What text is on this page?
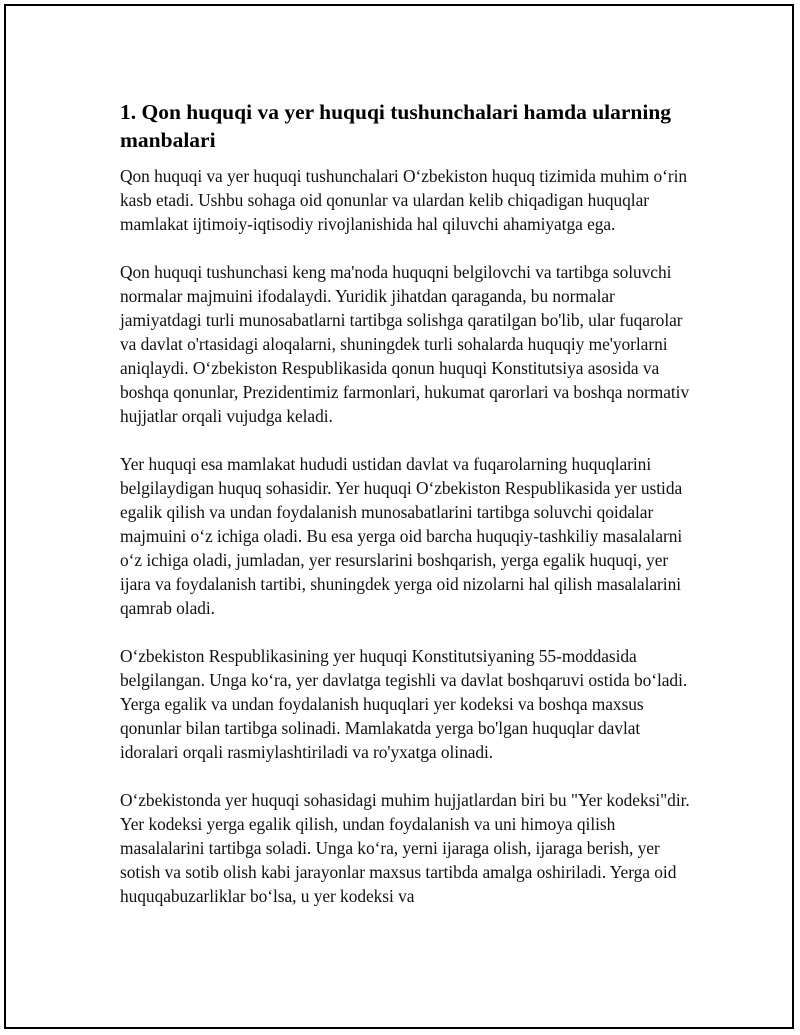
1. Qon huquqi va yer huquqi tushunchalari hamda ularning manbalari

Qon huquqi va yer huquqi tushunchalari O‘zbekiston huquq tizimida muhim o‘rin kasb etadi. Ushbu sohaga oid qonunlar va ulardan kelib chiqadigan huquqlar mamlakat ijtimoiy-iqtisodiy rivojlanishida hal qiluvchi ahamiyatga ega.

Qon huquqi tushunchasi keng ma'noda huquqni belgilovchi va tartibga soluvchi normalar majmuini ifodalaydi. Yuridik jihatdan qaraganda, bu normalar jamiyatdagi turli munosabatlarni tartibga solishga qaratilgan bo'lib, ular fuqarolar va davlat o'rtasidagi aloqalarni, shuningdek turli sohalarda huquqiy me'yorlarni aniqlaydi. O‘zbekiston Respublikasida qonun huquqi Konstitutsiya asosida va boshqa qonunlar, Prezidentimiz farmonlari, hukumat qarorlari va boshqa normativ hujjatlar orqali vujudga keladi.

Yer huquqi esa mamlakat hududi ustidan davlat va fuqarolarning huquqlarini belgilaydigan huquq sohasidir. Yer huquqi O‘zbekiston Respublikasida yer ustida egalik qilish va undan foydalanish munosabatlarini tartibga soluvchi qoidalar majmuini o‘z ichiga oladi. Bu esa yerga oid barcha huquqiy-tashkiliy masalalarni o‘z ichiga oladi, jumladan, yer resurslarini boshqarish, yerga egalik huquqi, yer ijara va foydalanish tartibi, shuningdek yerga oid nizolarni hal qilish masalalarini qamrab oladi.

O‘zbekiston Respublikasining yer huquqi Konstitutsiyaning 55-moddasida belgilangan. Unga ko‘ra, yer davlatga tegishli va davlat boshqaruvi ostida bo‘ladi. Yerga egalik va undan foydalanish huquqlari yer kodeksi va boshqa maxsus qonunlar bilan tartibga solinadi. Mamlakatda yerga bo'lgan huquqlar davlat idoralari orqali rasmiylashtiriladi va ro'yxatga olinadi.

O‘zbekistonda yer huquqi sohasidagi muhim hujjatlardan biri bu "Yer kodeksi"dir. Yer kodeksi yerga egalik qilish, undan foydalanish va uni himoya qilish masalalarini tartibga soladi. Unga ko‘ra, yerni ijaraga olish, ijaraga berish, yer sotish va sotib olish kabi jarayonlar maxsus tartibda amalga oshiriladi. Yerga oid huquqabuzarliklar bo‘lsa, u yer kodeksi va
